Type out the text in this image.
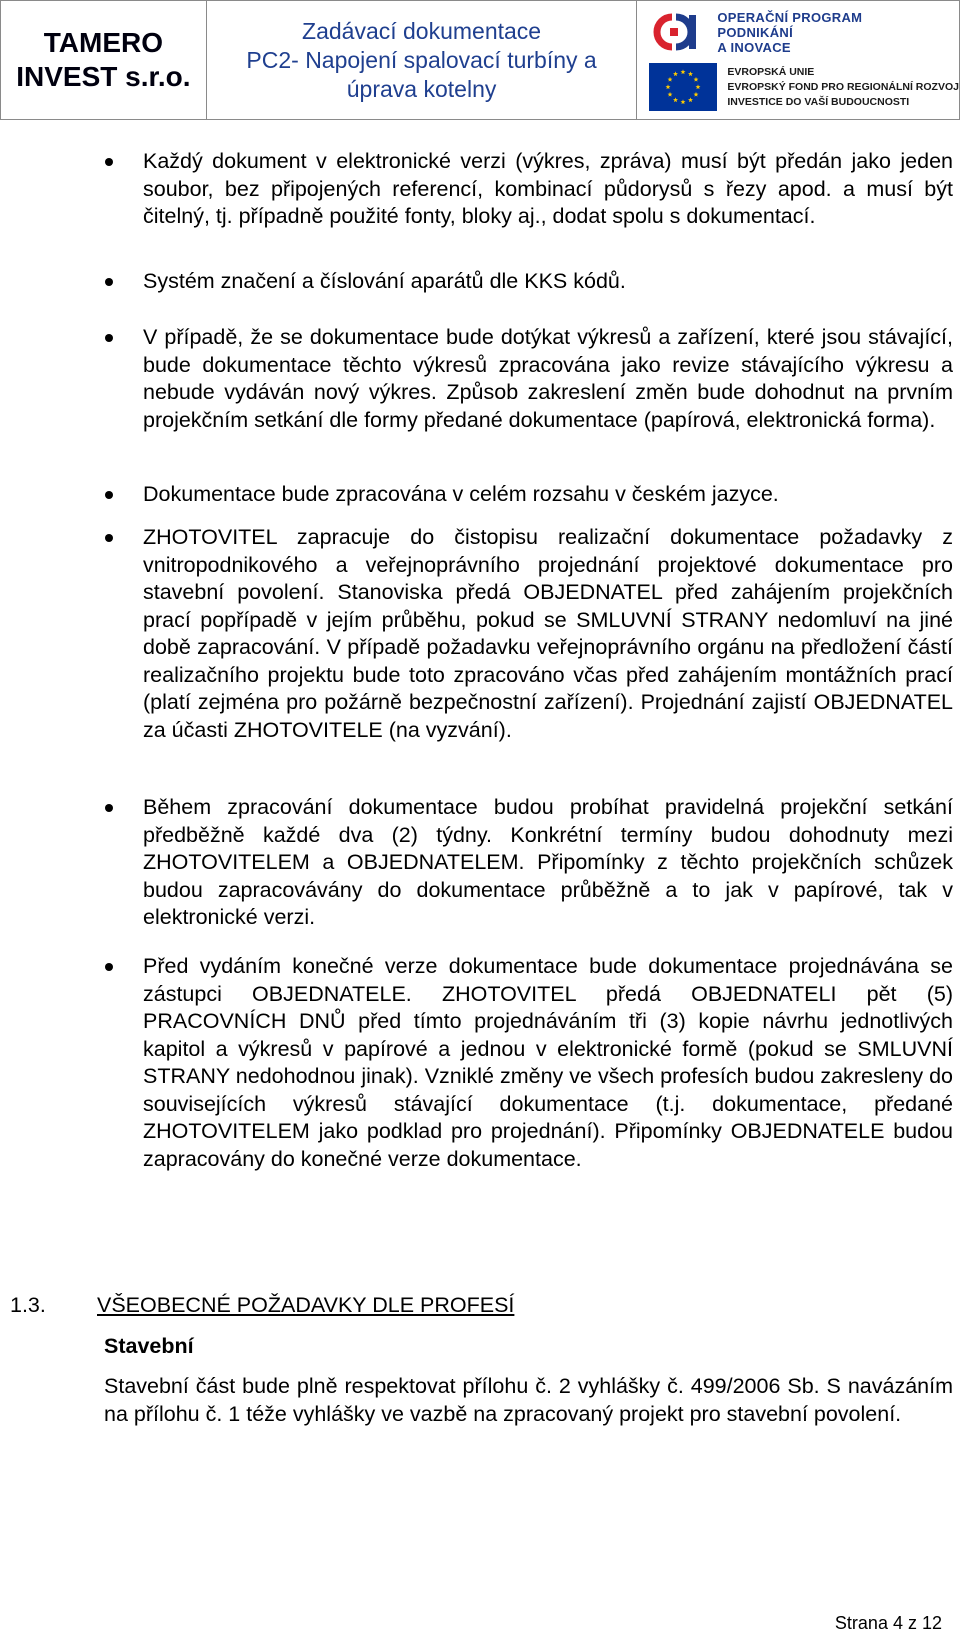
TAMERO
INVEST s.r.o.
Zadávací dokumentace
PC2- Napojení spalovací turbíny a
úprava kotelny
OPERAČNÍ PROGRAM
PODNIKÁNÍ
A INOVACE
EVROPSKÁ UNIE
EVROPSKÝ FOND PRO REGIONÁLNÍ ROZVOJ
INVESTICE DO VAŠÍ BUDOUCNOSTI
Každý dokument v elektronické verzi (výkres, zpráva) musí být předán jako jeden soubor, bez připojených referencí, kombinací půdorysů s řezy apod. a musí být čitelný, tj. případně použité fonty, bloky aj., dodat spolu s dokumentací.
Systém značení a číslování aparátů dle KKS kódů.
V případě, že se dokumentace bude dotýkat výkresů a zařízení, které jsou stávající, bude dokumentace těchto výkresů zpracována jako revize stávajícího výkresu a nebude vydáván nový výkres. Způsob zakreslení změn bude dohodnut na prvním projekčním setkání dle formy předané dokumentace (papírová, elektronická forma).
Dokumentace bude zpracována v celém rozsahu v českém jazyce.
ZHOTOVITEL zapracuje do čistopisu realizační dokumentace požadavky z vnitropodnikového a veřejnoprávního projednání projektové dokumentace pro stavební povolení. Stanoviska předá OBJEDNATEL před zahájením projekčních prací popřípadě v jejím průběhu, pokud se SMLUVNÍ STRANY nedomluví na jiné době zapracování. V případě požadavku veřejnoprávního orgánu na předložení částí realizačního projektu bude toto zpracováno včas před zahájením montážních prací (platí zejména pro požárně bezpečnostní zařízení). Projednání zajistí OBJEDNATEL za účasti ZHOTOVITELE (na vyzvání).
Během zpracování dokumentace budou probíhat pravidelná projekční setkání předběžně každé dva (2) týdny. Konkrétní termíny budou dohodnuty mezi ZHOTOVITELEM a OBJEDNATELEM. Připomínky z těchto projekčních schůzek budou zapracovávány do dokumentace průběžně a to jak v papírové, tak v elektronické verzi.
Před vydáním konečné verze dokumentace bude dokumentace projednávána se zástupci OBJEDNATELE. ZHOTOVITEL předá OBJEDNATELI pět (5) PRACOVNÍCH DNŮ před tímto projednáváním tři (3) kopie návrhu jednotlivých kapitol a výkresů v papírové a jednou v elektronické formě (pokud se SMLUVNÍ STRANY nedohodnou jinak). Vzniklé změny ve všech profesích budou zakresleny do souvisejících výkresů stávající dokumentace (t.j. dokumentace, předané ZHOTOVITELEM jako podklad pro projednání). Připomínky OBJEDNATELE budou zapracovány do konečné verze dokumentace.
1.3. VŠEOBECNÉ POŽADAVKY DLE PROFESÍ
Stavební
Stavební část bude plně respektovat přílohu č. 2 vyhlášky č. 499/2006 Sb. S navázáním na přílohu č. 1 téže vyhlášky ve vazbě na zpracovaný projekt pro stavební povolení.
Strana 4 z 12
